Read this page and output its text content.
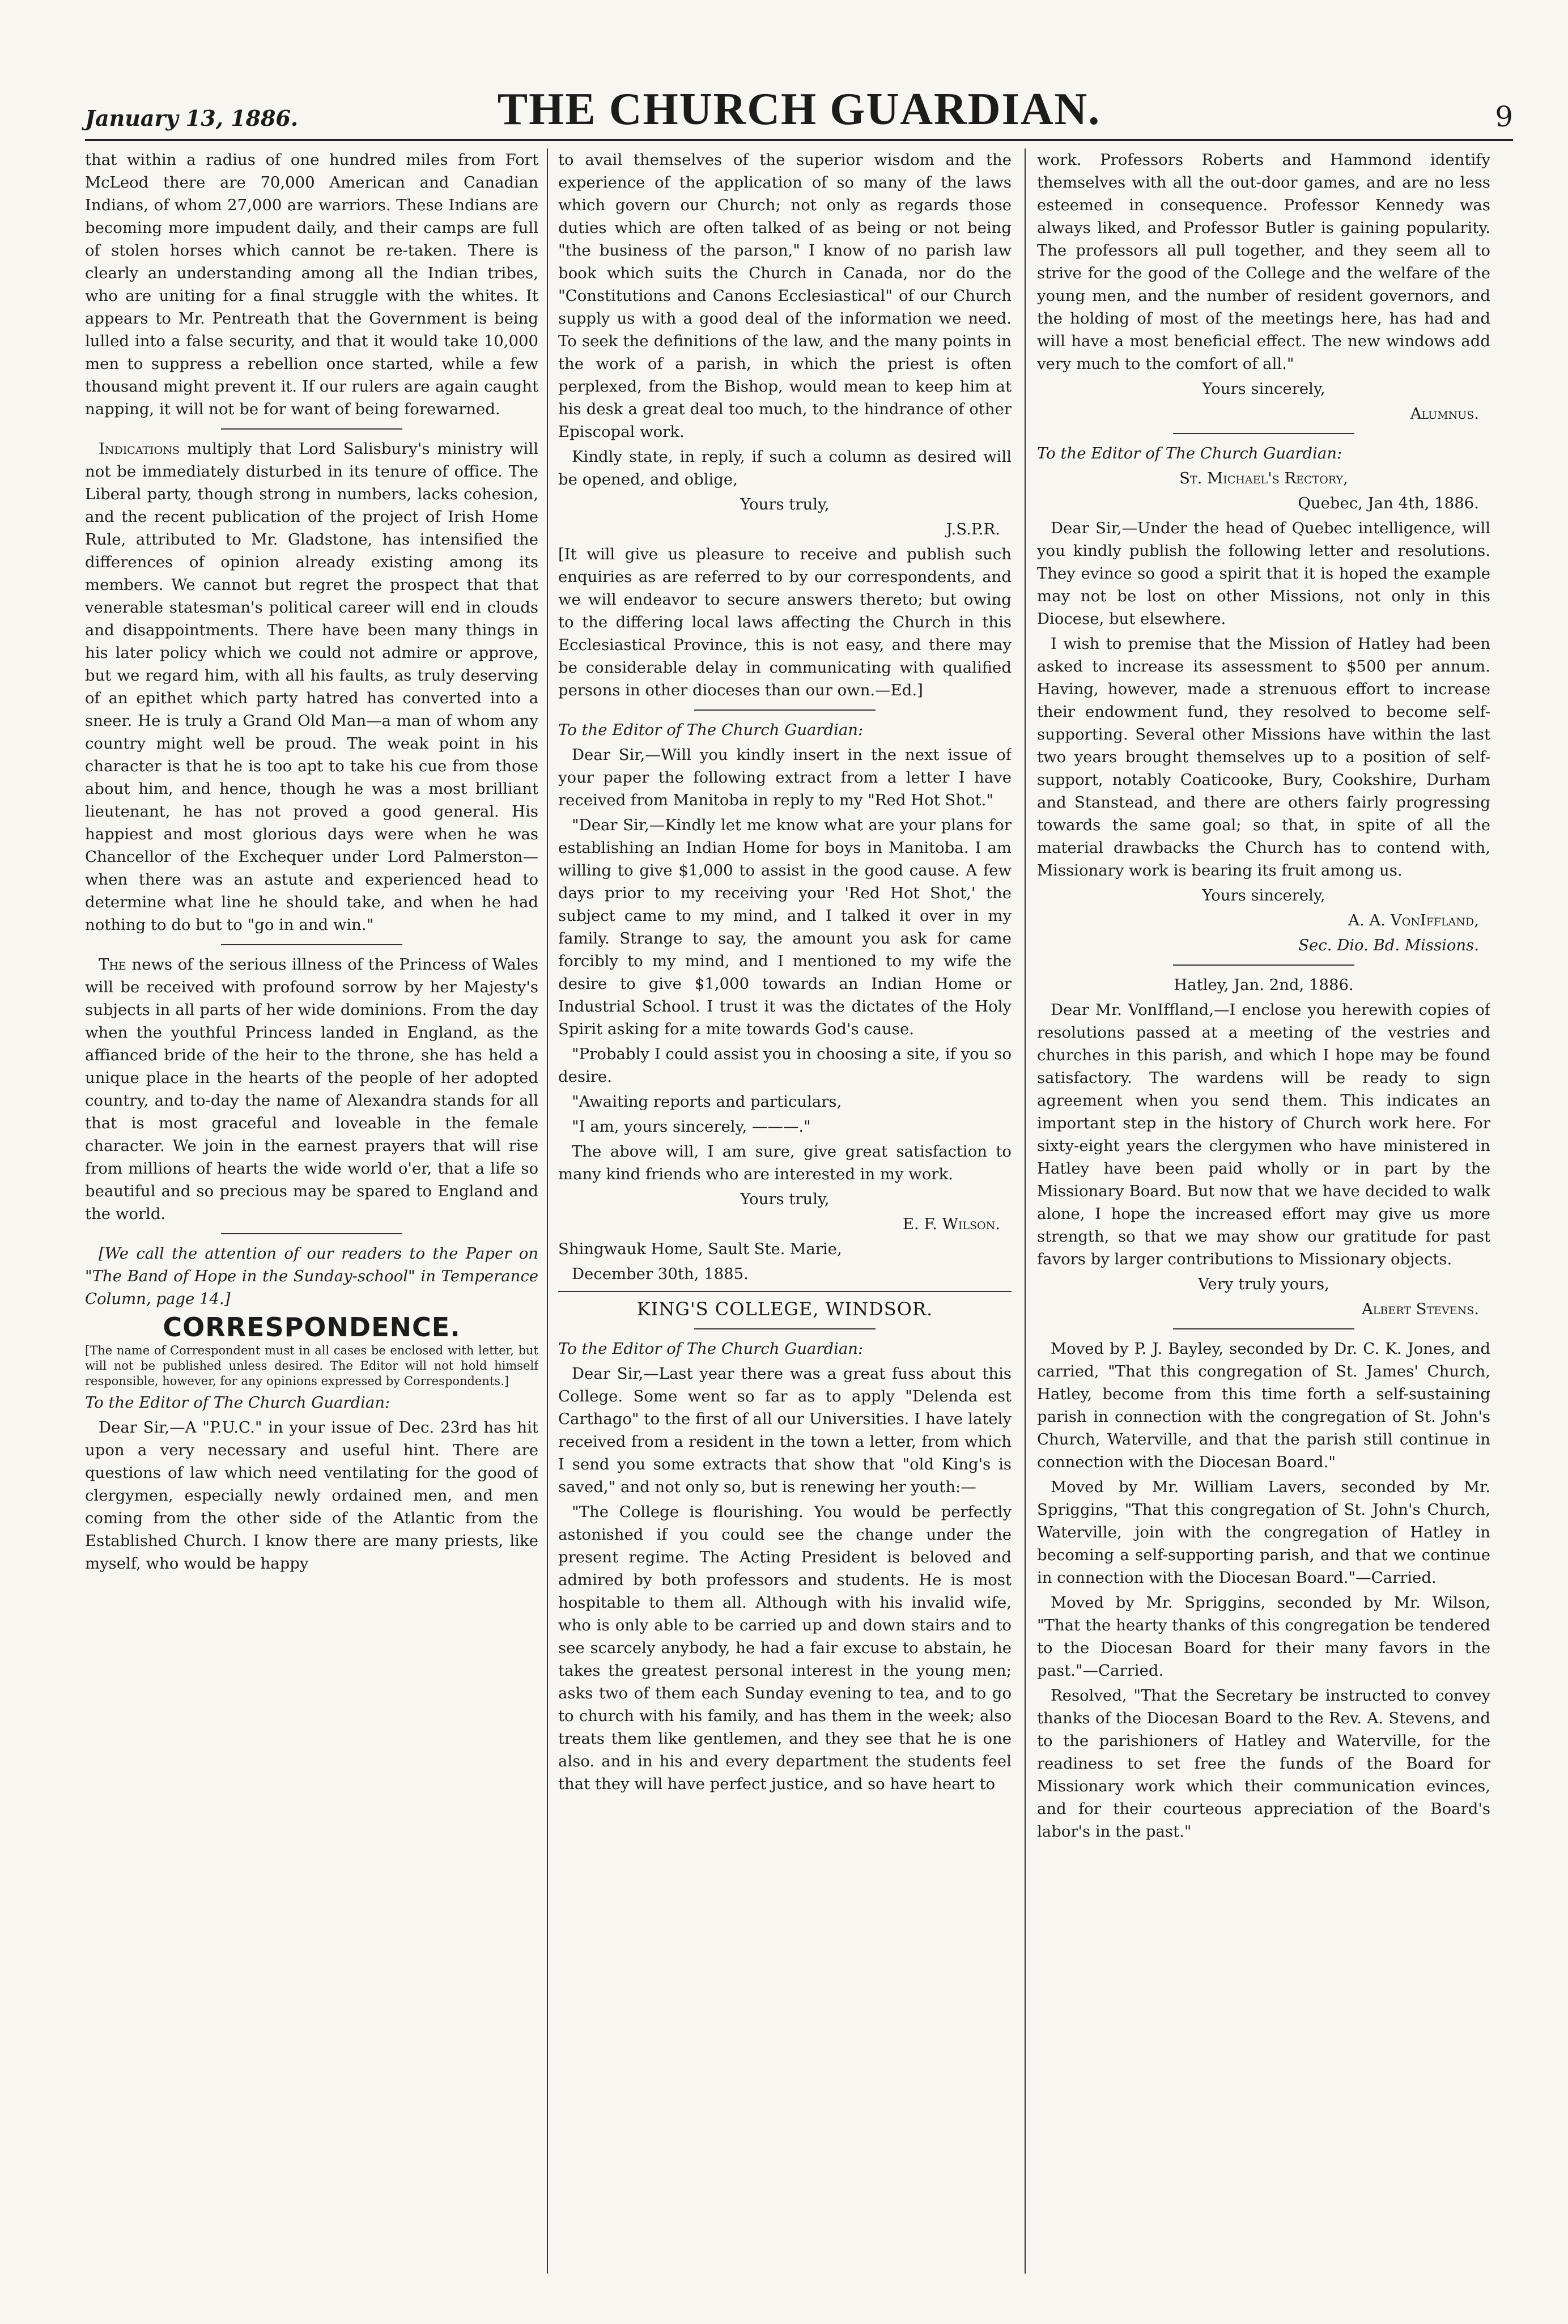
January 13, 1886.	THE CHURCH GUARDIAN.	9

that within a radius of one hundred miles from Fort McLeod there are 70,000 American and Canadian Indians, of whom 27,000 are warriors. These Indians are becoming more impudent daily, and their camps are full of stolen horses which cannot be re-taken. There is clearly an understanding among all the Indian tribes, who are uniting for a final struggle with the whites. It appears to Mr. Pentreath that the Government is being lulled into a false security, and that it would take 10,000 men to suppress a rebellion once started, while a few thousand might prevent it. If our rulers are again caught napping, it will not be for want of being forewarned.

Indications multiply that Lord Salisbury's ministry will not be immediately disturbed in its tenure of office. The Liberal party, though strong in numbers, lacks cohesion, and the recent publication of the project of Irish Home Rule, attributed to Mr. Gladstone, has intensified the differences of opinion already existing among its members. We cannot but regret the prospect that that venerable statesman's political career will end in clouds and disappointments. There have been many things in his later policy which we could not admire or approve, but we regard him, with all his faults, as truly deserving of an epithet which party hatred has converted into a sneer. He is truly a Grand Old Man—a man of whom any country might well be proud. The weak point in his character is that he is too apt to take his cue from those about him, and hence, though he was a most brilliant lieutenant, he has not proved a good general. His happiest and most glorious days were when he was Chancellor of the Exchequer under Lord Palmerston—when there was an astute and experienced head to determine what line he should take, and when he had nothing to do but to "go in and win."

The news of the serious illness of the Princess of Wales will be received with profound sorrow by her Majesty's subjects in all parts of her wide dominions. From the day when the youthful Princess landed in England, as the affianced bride of the heir to the throne, she has held a unique place in the hearts of the people of her adopted country, and to-day the name of Alexandra stands for all that is most graceful and loveable in the female character. We join in the earnest prayers that will rise from millions of hearts the wide world o'er, that a life so beautiful and so precious may be spared to England and the world.

[We call the attention of our readers to the Paper on "The Band of Hope in the Sunday-school" in Temperance Column, page 14.]

CORRESPONDENCE.

[The name of Correspondent must in all cases be enclosed with letter, but will not be published unless desired. The Editor will not hold himself responsible, however, for any opinions expressed by Correspondents.]

To the Editor of The Church Guardian:

Dear Sir,—A "P.U.C." in your issue of Dec. 23rd has hit upon a very necessary and useful hint. There are questions of law which need ventilating for the good of clergymen, especially newly ordained men, and men coming from the other side of the Atlantic from the Established Church. I know there are many priests, like myself, who would be happy

to avail themselves of the superior wisdom and the experience of the application of so many of the laws which govern our Church; not only as regards those duties which are often talked of as being or not being "the business of the parson," I know of no parish law book which suits the Church in Canada, nor do the "Constitutions and Canons Ecclesiastical" of our Church supply us with a good deal of the information we need. To seek the definitions of the law, and the many points in the work of a parish, in which the priest is often perplexed, from the Bishop, would mean to keep him at his desk a great deal too much, to the hindrance of other Episcopal work.

Kindly state, in reply, if such a column as desired will be opened, and oblige,

Yours truly,

J.S.P.R.

[It will give us pleasure to receive and publish such enquiries as are referred to by our correspondents, and we will endeavor to secure answers thereto; but owing to the differing local laws affecting the Church in this Ecclesiastical Province, this is not easy, and there may be considerable delay in communicating with qualified persons in other dioceses than our own.—Ed.]

To the Editor of The Church Guardian:

Dear Sir,—Will you kindly insert in the next issue of your paper the following extract from a letter I have received from Manitoba in reply to my "Red Hot Shot."

"Dear Sir,—Kindly let me know what are your plans for establishing an Indian Home for boys in Manitoba. I am willing to give $1,000 to assist in the good cause. A few days prior to my receiving your 'Red Hot Shot,' the subject came to my mind, and I talked it over in my family. Strange to say, the amount you ask for came forcibly to my mind, and I mentioned to my wife the desire to give $1,000 towards an Indian Home or Industrial School. I trust it was the dictates of the Holy Spirit asking for a mite towards God's cause.

"Probably I could assist you in choosing a site, if you so desire.

"Awaiting reports and particulars,

"I am, yours sincerely, ———."

The above will, I am sure, give great satisfaction to many kind friends who are interested in my work.

Yours truly,

E. F. Wilson.

Shingwauk Home, Sault Ste. Marie,

December 30th, 1885.

KING'S COLLEGE, WINDSOR.

To the Editor of The Church Guardian:

Dear Sir,—Last year there was a great fuss about this College. Some went so far as to apply "Delenda est Carthago" to the first of all our Universities. I have lately received from a resident in the town a letter, from which I send you some extracts that show that "old King's is saved," and not only so, but is renewing her youth:—

"The College is flourishing. You would be perfectly astonished if you could see the change under the present regime. The Acting President is beloved and admired by both professors and students. He is most hospitable to them all. Although with his invalid wife, who is only able to be carried up and down stairs and to see scarcely anybody, he had a fair excuse to abstain, he takes the greatest personal interest in the young men; asks two of them each Sunday evening to tea, and to go to church with his family, and has them in the week; also treats them like gentlemen, and they see that he is one also. and in his and every department the students feel that they will have perfect justice, and so have heart to

work. Professors Roberts and Hammond identify themselves with all the out-door games, and are no less esteemed in consequence. Professor Kennedy was always liked, and Professor Butler is gaining popularity. The professors all pull together, and they seem all to strive for the good of the College and the welfare of the young men, and the number of resident governors, and the holding of most of the meetings here, has had and will have a most beneficial effect. The new windows add very much to the comfort of all."

Yours sincerely,

Alumnus.

To the Editor of The Church Guardian:

St. Michael's Rectory,

Quebec, Jan 4th, 1886.

Dear Sir,—Under the head of Quebec intelligence, will you kindly publish the following letter and resolutions. They evince so good a spirit that it is hoped the example may not be lost on other Missions, not only in this Diocese, but elsewhere.

I wish to premise that the Mission of Hatley had been asked to increase its assessment to $500 per annum. Having, however, made a strenuous effort to increase their endowment fund, they resolved to become self-supporting. Several other Missions have within the last two years brought themselves up to a position of self-support, notably Coaticooke, Bury, Cookshire, Durham and Stanstead, and there are others fairly progressing towards the same goal; so that, in spite of all the material drawbacks the Church has to contend with, Missionary work is bearing its fruit among us.

Yours sincerely,

A. A. VonIffland,

Sec. Dio. Bd. Missions.

Hatley, Jan. 2nd, 1886.

Dear Mr. VonIffland,—I enclose you herewith copies of resolutions passed at a meeting of the vestries and churches in this parish, and which I hope may be found satisfactory. The wardens will be ready to sign agreement when you send them. This indicates an important step in the history of Church work here. For sixty-eight years the clergymen who have ministered in Hatley have been paid wholly or in part by the Missionary Board. But now that we have decided to walk alone, I hope the increased effort may give us more strength, so that we may show our gratitude for past favors by larger contributions to Missionary objects.

Very truly yours,

Albert Stevens.

Moved by P. J. Bayley, seconded by Dr. C. K. Jones, and carried, "That this congregation of St. James' Church, Hatley, become from this time forth a self-sustaining parish in connection with the congregation of St. John's Church, Waterville, and that the parish still continue in connection with the Diocesan Board."

Moved by Mr. William Lavers, seconded by Mr. Spriggins, "That this congregation of St. John's Church, Waterville, join with the congregation of Hatley in becoming a self-supporting parish, and that we continue in connection with the Diocesan Board."—Carried.

Moved by Mr. Spriggins, seconded by Mr. Wilson, "That the hearty thanks of this congregation be tendered to the Diocesan Board for their many favors in the past."—Carried.

Resolved, "That the Secretary be instructed to convey thanks of the Diocesan Board to the Rev. A. Stevens, and to the parishioners of Hatley and Waterville, for the readiness to set free the funds of the Board for Missionary work which their communication evinces, and for their courteous appreciation of the Board's labor's in the past."
